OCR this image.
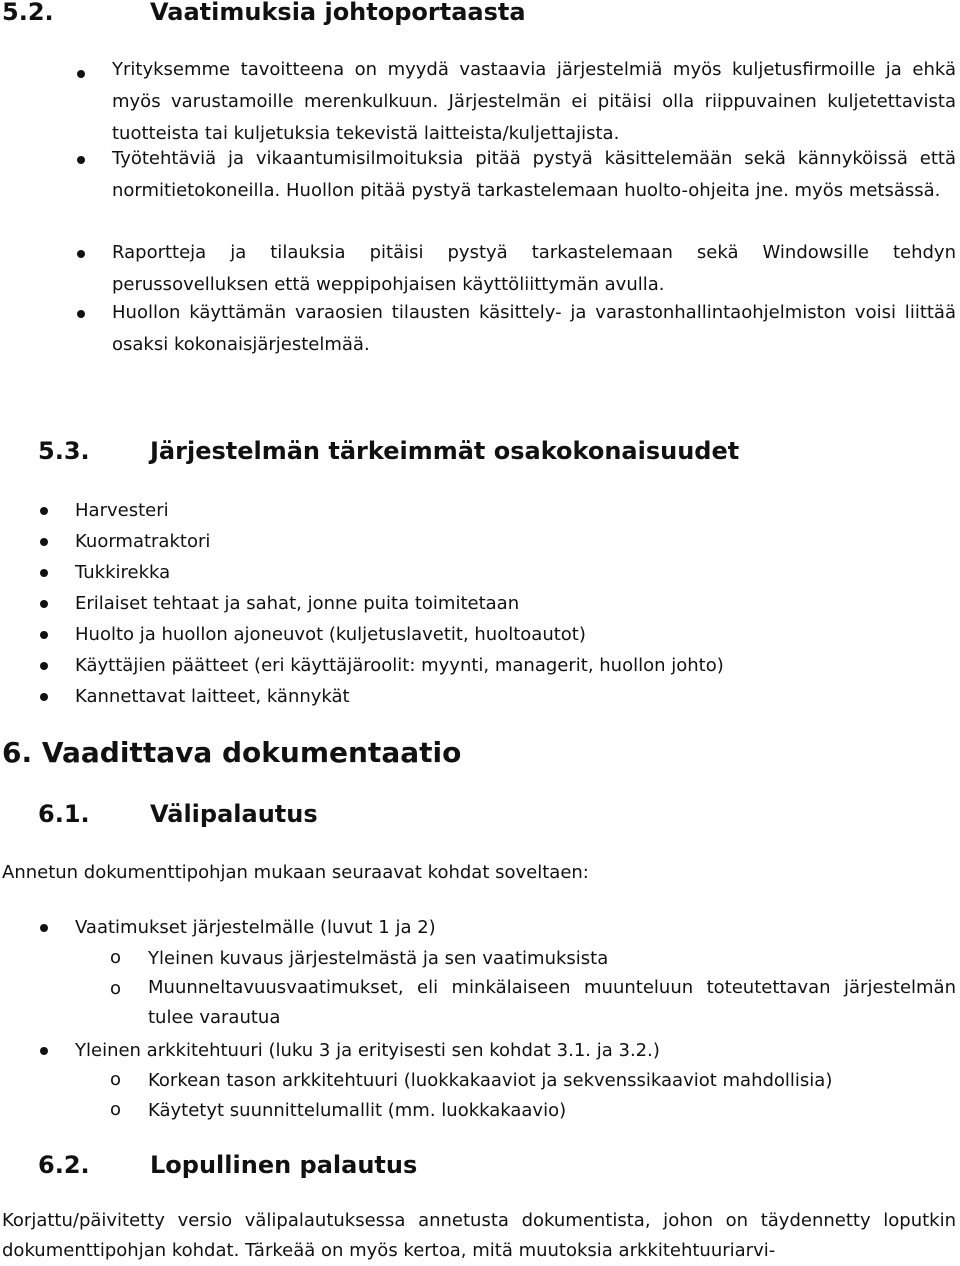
5.2.	Vaatimuksia johtoportaasta
Yrityksemme tavoitteena on myydä vastaavia järjestelmiä myös kuljetusfirmoille ja ehkä myös varustamoille merenkulkuun. Järjestelmän ei pitäisi olla riippuvainen kuljetettavista tuotteista tai kuljetuksia tekevistä laitteista/kuljettajista.
Työtehtäviä ja vikaantumisilmoituksia pitää pystyä käsittelemään sekä kännyköissä että normitietokoneilla. Huollon pitää pystyä tarkastelemaan huolto-ohjeita jne. myös metsässä.
Raportteja ja tilauksia pitäisi pystyä tarkastelemaan sekä Windowsille tehdyn perussovelluksen että weppipohjaisen käyttöliittymän avulla.
Huollon käyttämän varaosien tilausten käsittely- ja varastonhallintaohjelmiston voisi liittää osaksi kokonaisjärjestelmää.
5.3.	Järjestelmän tärkeimmät osakokonaisuudet
Harvesteri
Kuormatraktori
Tukkirekka
Erilaiset tehtaat ja sahat, jonne puita toimitetaan
Huolto ja huollon ajoneuvot (kuljetuslavetit, huoltoautot)
Käyttäjien päätteet (eri käyttäjäroolit: myynti, managerit, huollon johto)
Kannettavat laitteet, kännykät
6. Vaadittava dokumentaatio
6.1.	Välipalautus
Annetun dokumenttipohjan mukaan seuraavat kohdat soveltaen:
Vaatimukset järjestelmälle (luvut 1 ja 2)
o Yleinen kuvaus järjestelmästä ja sen vaatimuksista
o Muunneltavuusvaatimukset, eli minkälaiseen muunteluun toteutettavan järjestelmän tulee varautua
Yleinen arkkitehtuuri (luku 3 ja erityisesti sen kohdat 3.1. ja 3.2.)
o Korkean tason arkkitehtuuri (luokkakaaviot ja sekvenssikaaviot mahdollisia)
o Käytetyt suunnittelumallit (mm. luokkakaavio)
6.2.	Lopullinen palautus
Korjattu/päivitetty versio välipalautuksessa annetusta dokumentista, johon on täydennetty loputkin dokumenttipohjan kohdat. Tärkeää on myös kertoa, mitä muutoksia arkkitehtuuriarvi-
